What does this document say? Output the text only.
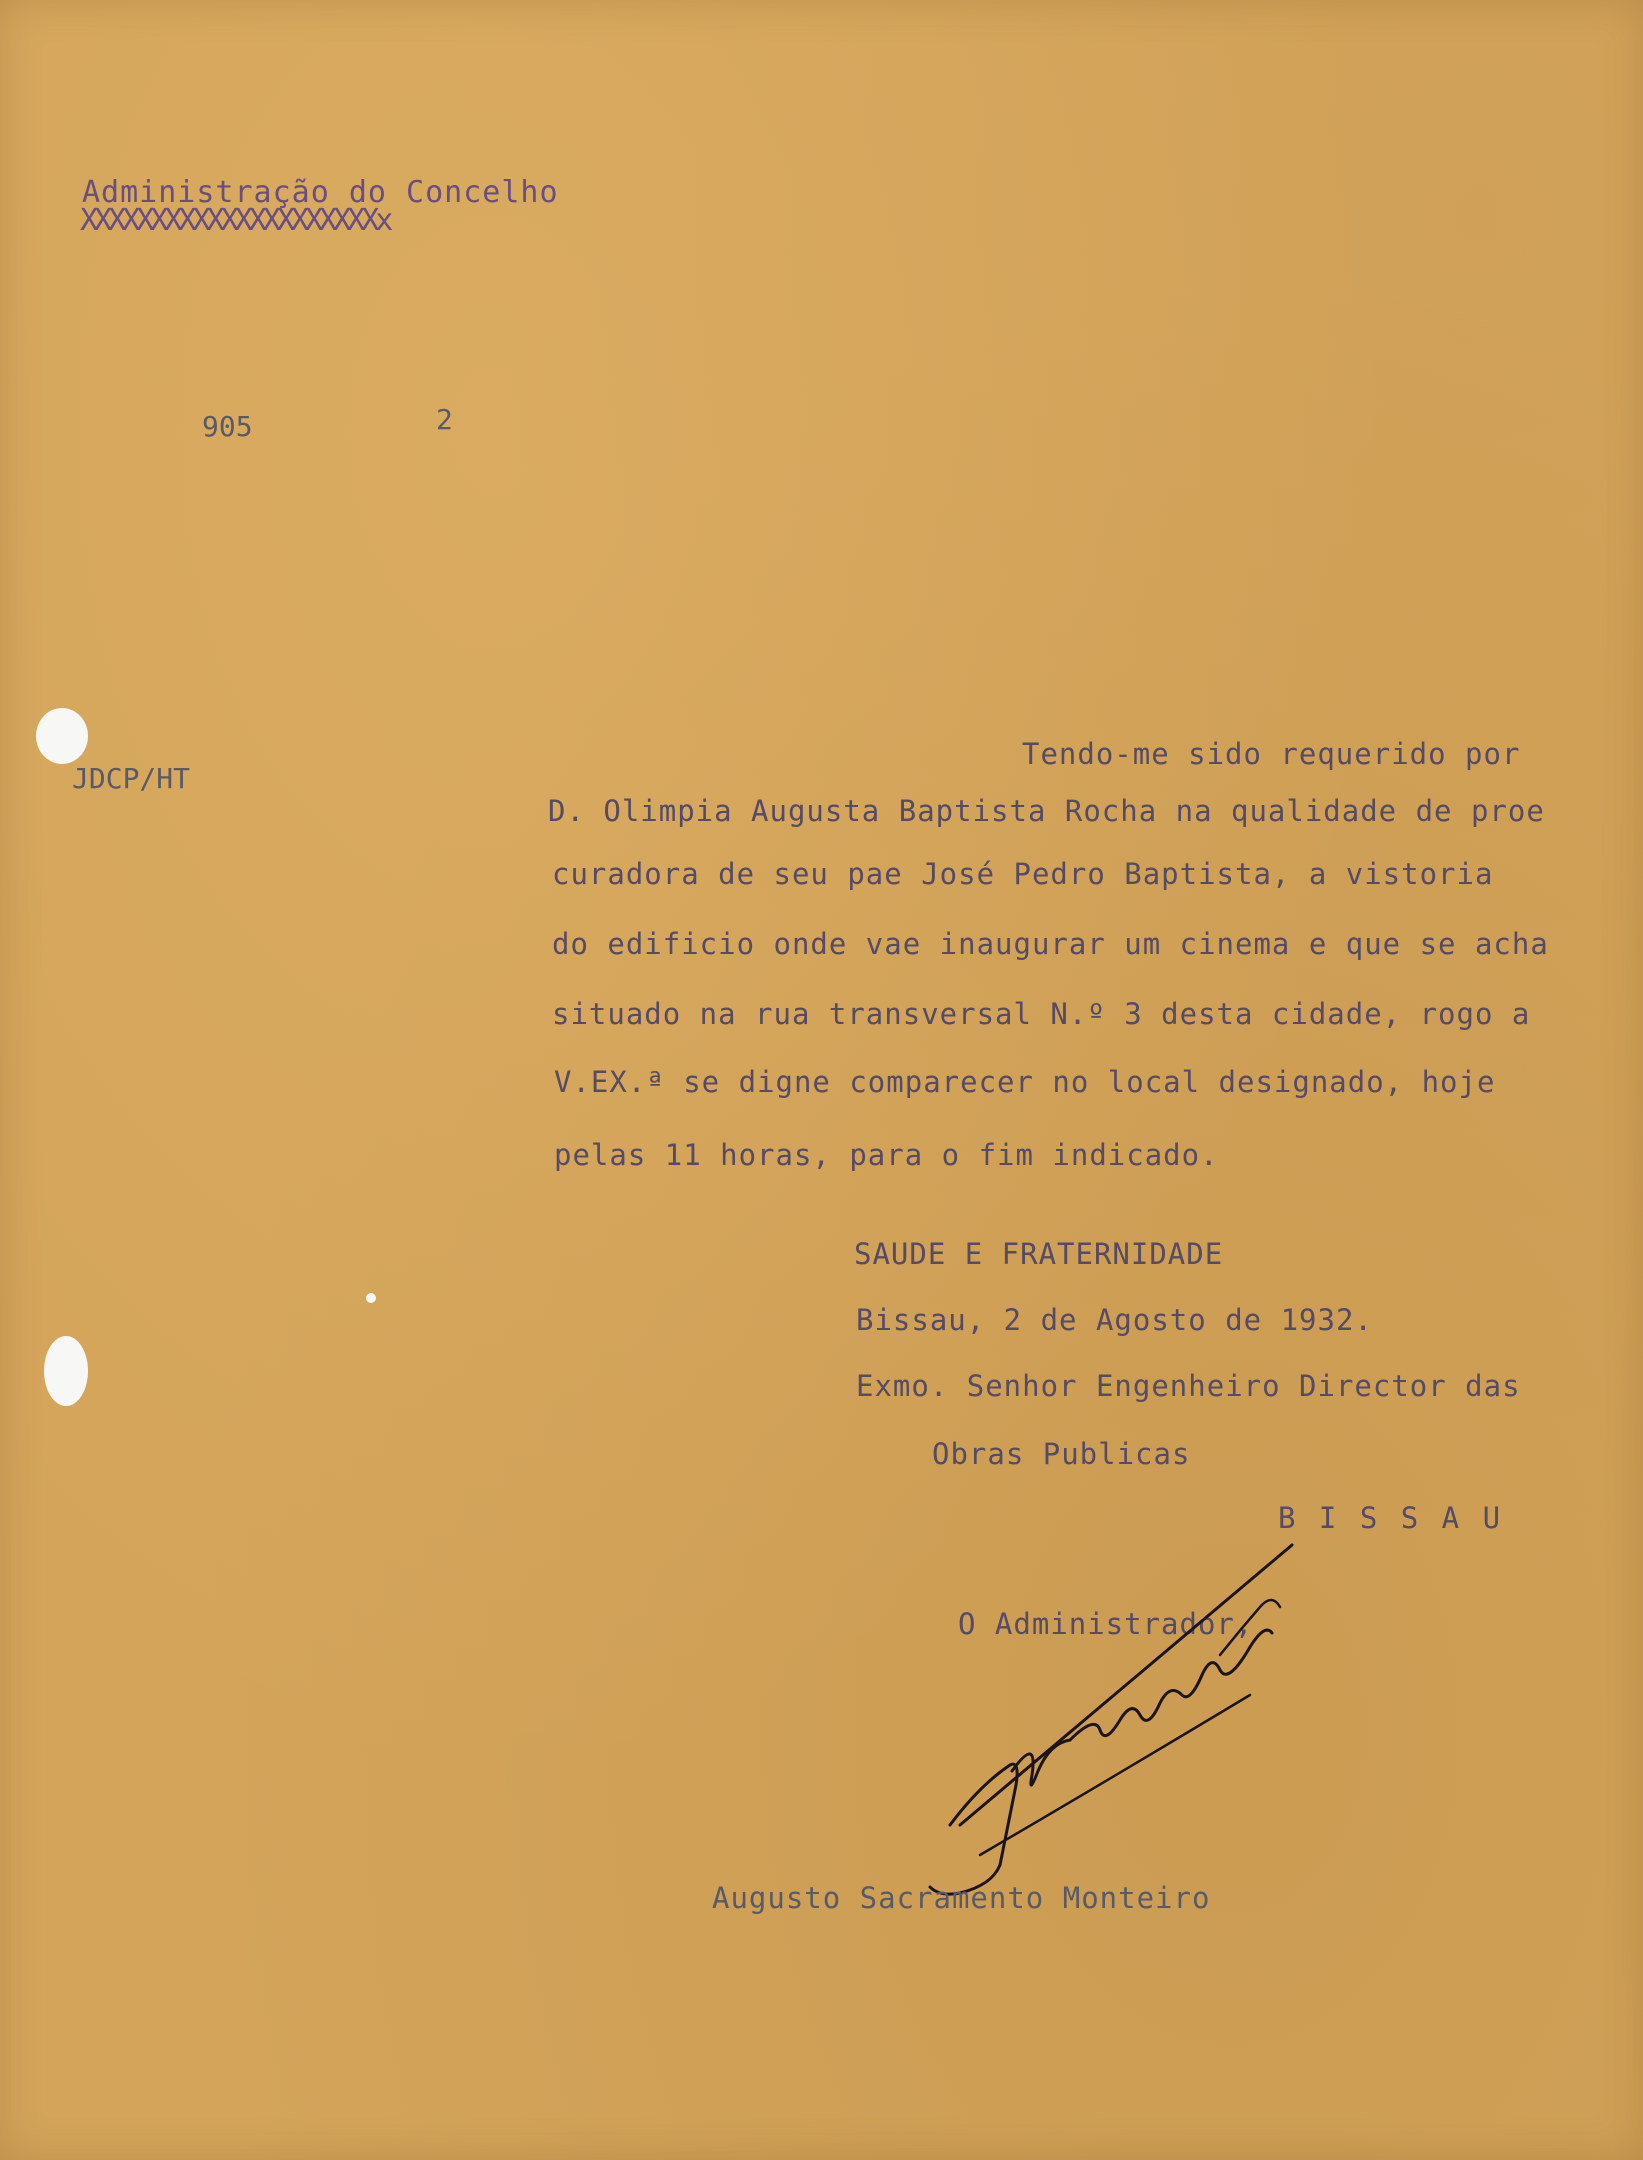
Administração do Concelho

XXXXXXXXXXXXXXXXXXXXXx

905	2

JDCP/HT

Tendo-me sido requerido por

D. Olimpia Augusta Baptista Rocha na qualidade de proe

curadora de seu pae José Pedro Baptista, a vistoria

do edificio onde vae inaugurar um cinema e que se acha

situado na rua transversal N.º 3 desta cidade, rogo a

V.EX.ª se digne comparecer no local designado, hoje

pelas 11 horas, para o fim indicado.

SAUDE E FRATERNIDADE

Bissau, 2 de Agosto de 1932.

Exmo. Senhor Engenheiro Director das

Obras Publicas

B I S S A U

O Administrador,

Augusto Sacramento Monteiro
